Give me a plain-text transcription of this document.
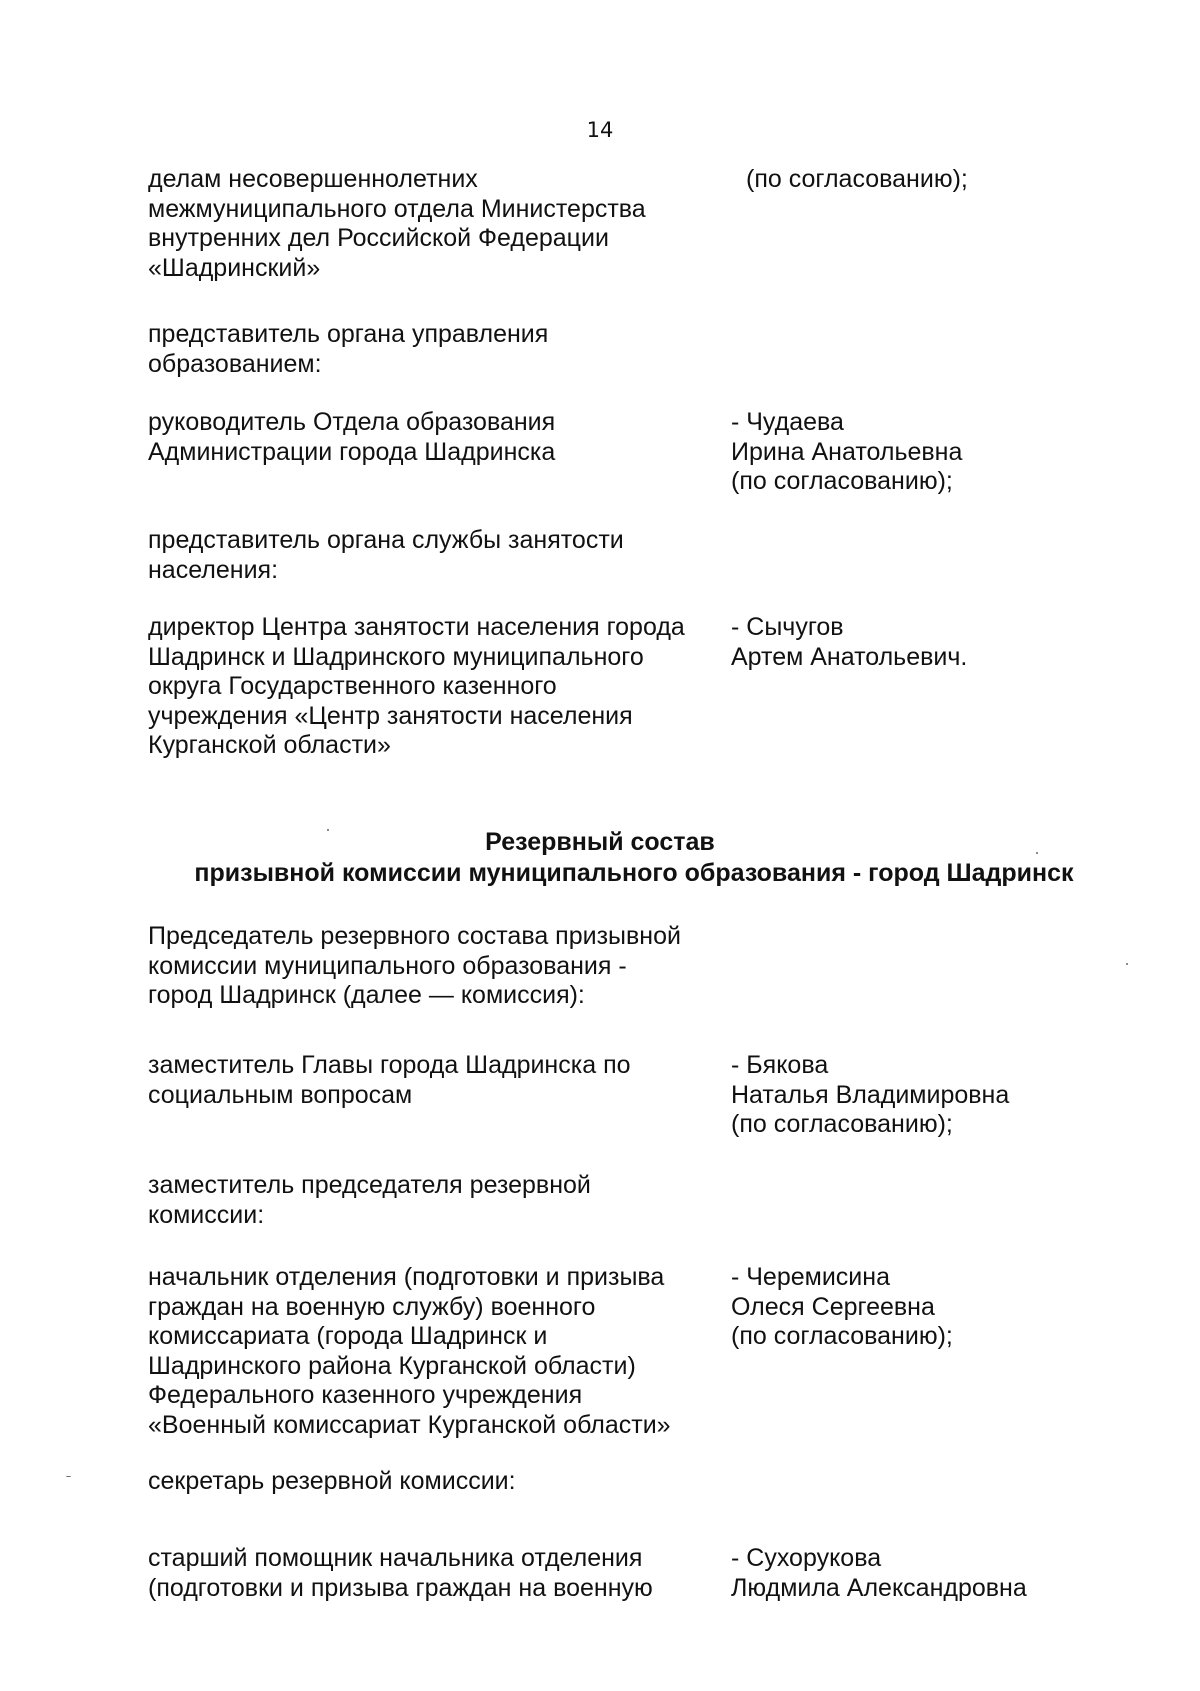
14
делам несовершеннолетних
межмуниципального отдела Министерства
внутренних дел Российской Федерации
«Шадринский»
(по согласованию);
представитель органа управления
образованием:
руководитель Отдела образования
Администрации города Шадринска
- Чудаева
Ирина Анатольевна
(по согласованию);
представитель органа службы занятости
населения:
директор Центра занятости населения города
Шадринск и Шадринского муниципального
округа Государственного казенного
учреждения «Центр занятости населения
Курганской области»
- Сычугов
Артем Анатольевич.

Резервный состав

призывной комиссии муниципального образования - город Шадринск

Председатель резервного состава призывной
комиссии муниципального образования -
город Шадринск (далее — комиссия):
заместитель Главы города Шадринска по
социальным вопросам
- Бякова
Наталья Владимировна
(по согласованию);
заместитель председателя резервной
комиссии:
начальник отделения (подготовки и призыва
граждан на военную службу) военного
комиссариата (города Шадринск и
Шадринского района Курганской области)
Федерального казенного учреждения
«Военный комиссариат Курганской области»
- Черемисина
Олеся Сергеевна
(по согласованию);
секретарь резервной комиссии:
старший помощник начальника отделения
(подготовки и призыва граждан на военную
- Сухорукова
Людмила Александровна
